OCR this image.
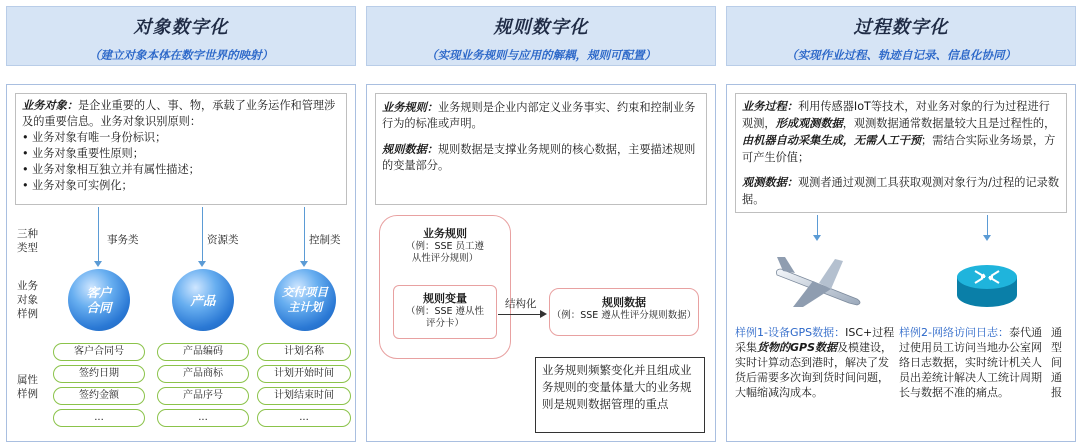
对象数字化
（建立对象本体在数字世界的映射）
规则数字化
（实现业务规则与应用的解耦，规则可配置）
过程数字化
（实现作业过程、轨迹自记录、信息化协同）
业务对象：是企业重要的人、事、物，承载了业务运作和管理涉及的重要信息。业务对象识别原则：
• 业务对象有唯一身份标识；
• 业务对象重要性原则；
• 业务对象相互独立并有属性描述；
• 业务对象可实例化；
三种
类型
业务
对象
样例
属性
样例
事务类
客户
合同
客户合同号
签约日期
签约金额
...
资源类
产品
产品编码
产品商标
产品序号
...
控制类
交付项目
主计划
计划名称
计划开始时间
计划结束时间
...
业务规则：业务规则是企业内部定义业务事实、约束和控制业务行为的标准或声明。
规则数据：规则数据是支撑业务规则的核心数据，主要描述规则的变量部分。
业务规则
（例：SSE 员工遵
从性评分规则）
规则变量
（例：SSE 遵从性
评分卡）
结构化	规则数据
（例：SSE 遵从性评分规则数据）
业务规则频繁变化并且组成业务规则的变量体量大的业务规则是规则数据管理的重点
业务过程：利用传感器IoT等技术，对业务对象的行为过程进行观测，形成观测数据，观测数据通常数据量较大且是过程性的，由机器自动采集生成，无需人工干预；需结合实际业务场景，方可产生价值；
观测数据：观测者通过观测工具获取观测对象行为/过程的记录数据。
样例1-设备GPS数据：ISC+过程采集货物的GPS数据及模建设，实时计算动态到港时，解决了发货后需要多次询到货时间问题，大幅缩减沟成本。
样例2-网络访问日志：泰代通过使用员工访问当地办公室网络日志数据，实时统计机关人员出差统计解决人工统计周期长与数据不准的痛点。
通型间通报
